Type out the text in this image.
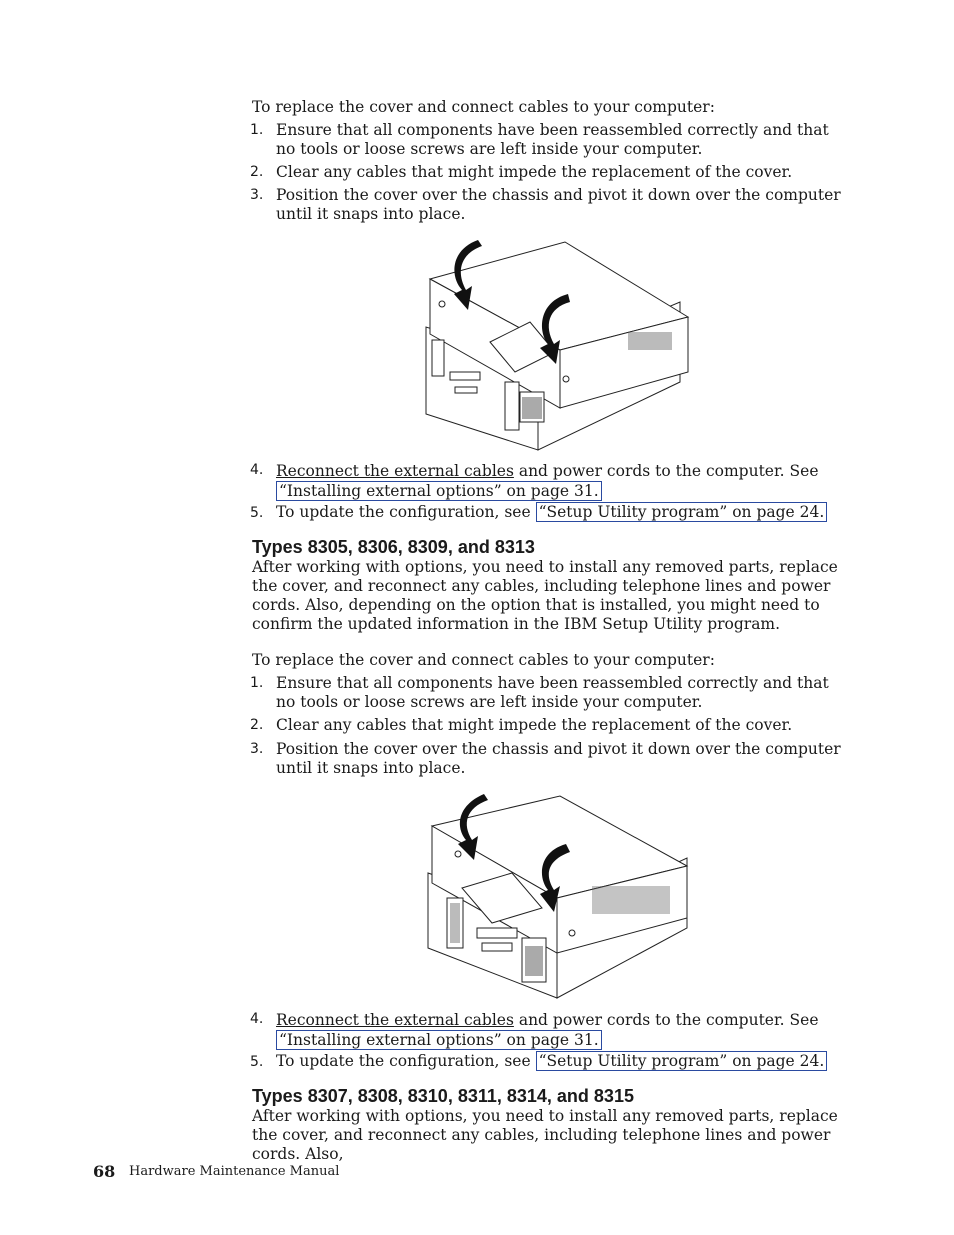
To replace the cover and connect cables to your computer:
1. Ensure that all components have been reassembled correctly and that no tools or loose screws are left inside your computer.
2. Clear any cables that might impede the replacement of the cover.
3. Position the cover over the chassis and pivot it down over the computer until it snaps into place.
4. Reconnect the external cables and power cords to the computer. See “Installing external options” on page 31.
5. To update the configuration, see “Setup Utility program” on page 24.
Types 8305, 8306, 8309, and 8313
After working with options, you need to install any removed parts, replace the cover, and reconnect any cables, including telephone lines and power cords. Also, depending on the option that is installed, you might need to confirm the updated information in the IBM Setup Utility program.
To replace the cover and connect cables to your computer:
1. Ensure that all components have been reassembled correctly and that no tools or loose screws are left inside your computer.
2. Clear any cables that might impede the replacement of the cover.
3. Position the cover over the chassis and pivot it down over the computer until it snaps into place.
4. Reconnect the external cables and power cords to the computer. See “Installing external options” on page 31.
5. To update the configuration, see “Setup Utility program” on page 24.
Types 8307, 8308, 8310, 8311, 8314, and 8315
After working with options, you need to install any removed parts, replace the cover, and reconnect any cables, including telephone lines and power cords. Also,
68 Hardware Maintenance Manual
